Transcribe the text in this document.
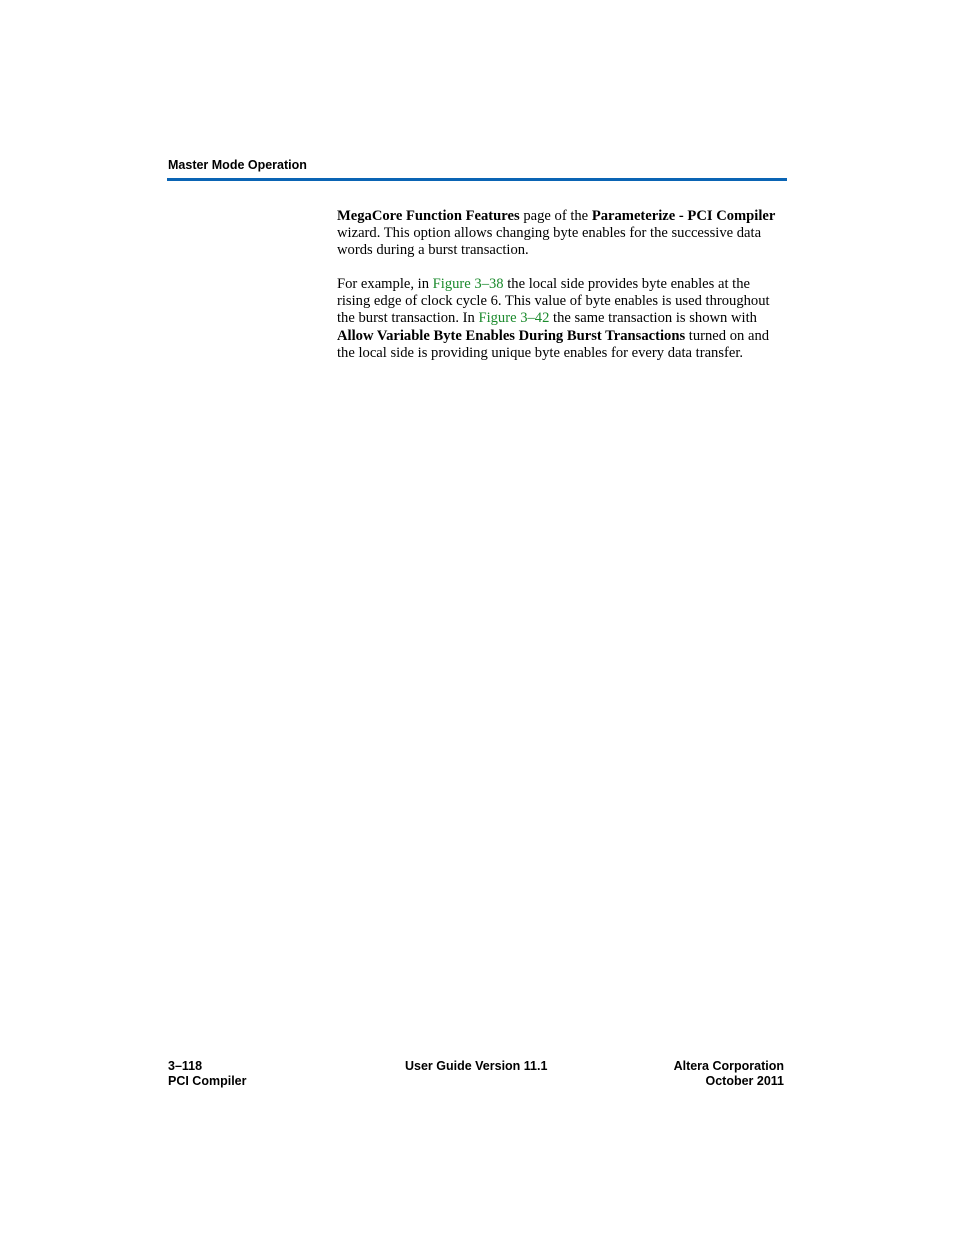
Master Mode Operation
MegaCore Function Features page of the Parameterize - PCI Compiler
wizard. This option allows changing byte enables for the successive data
words during a burst transaction.
For example, in Figure 3–38 the local side provides byte enables at the
rising edge of clock cycle 6. This value of byte enables is used throughout
the burst transaction. In Figure 3–42 the same transaction is shown with
Allow Variable Byte Enables During Burst Transactions turned on and
the local side is providing unique byte enables for every data transfer.
3–118
PCI Compiler
User Guide Version 11.1	Altera Corporation
October 2011
